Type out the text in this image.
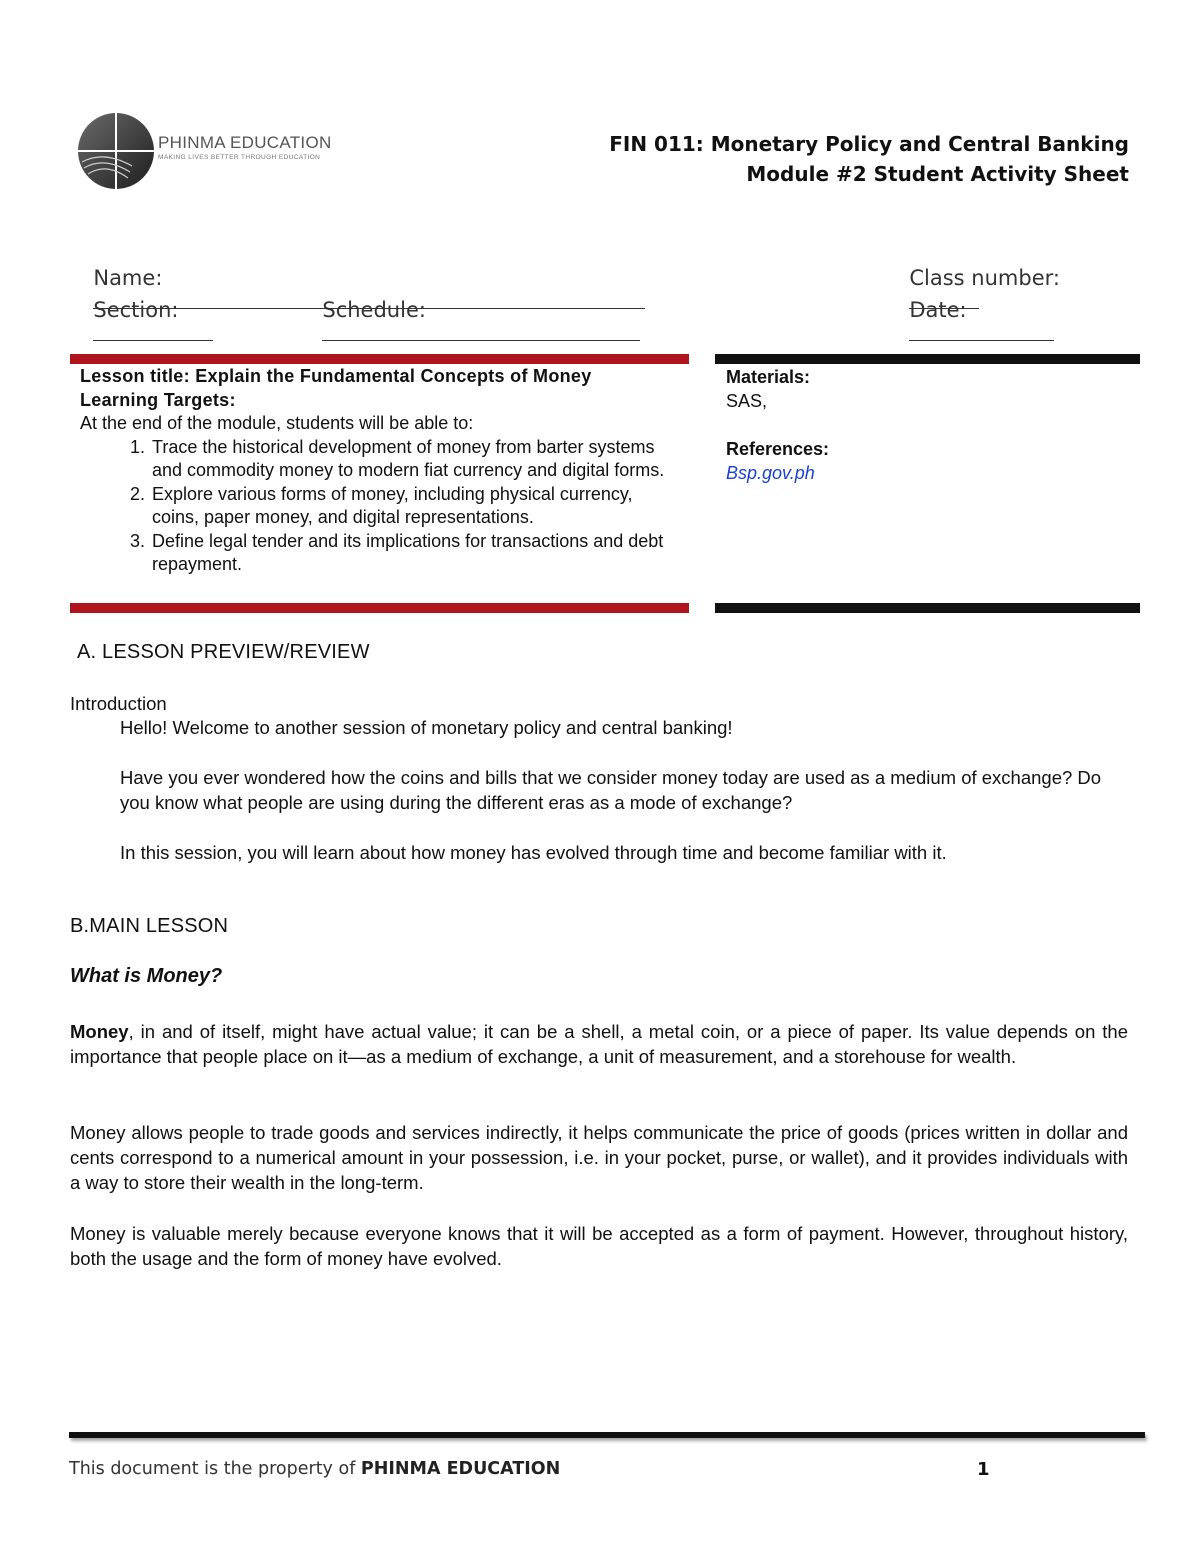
PHINMA EDUCATION
MAKING LIVES BETTER THROUGH EDUCATION
FIN 011: Monetary Policy and Central Banking
Module #2 Student Activity Sheet

Name:
	Class number:

Section:
	Schedule:
	Date:

Lesson title: Explain the Fundamental Concepts of Money
Learning Targets:
At the end of the module, students will be able to:
1. Trace the historical development of money from barter systems and commodity money to modern fiat currency and digital forms.
2. Explore various forms of money, including physical currency, coins, paper money, and digital representations.
3. Define legal tender and its implications for transactions and debt repayment.
Materials:
SAS,
References:
Bsp.gov.ph
A. LESSON PREVIEW/REVIEW
Introduction
Hello! Welcome to another session of monetary policy and central banking!
Have you ever wondered how the coins and bills that we consider money today are used as a medium of exchange? Do you know what people are using during the different eras as a mode of exchange?
In this session, you will learn about how money has evolved through time and become familiar with it.
B.MAIN LESSON
What is Money?
Money, in and of itself, might have actual value; it can be a shell, a metal coin, or a piece of paper. Its value depends on the importance that people place on it—as a medium of exchange, a unit of measurement, and a storehouse for wealth.
Money allows people to trade goods and services indirectly, it helps communicate the price of goods (prices written in dollar and cents correspond to a numerical amount in your possession, i.e. in your pocket, purse, or wallet), and it provides individuals with a way to store their wealth in the long-term.
Money is valuable merely because everyone knows that it will be accepted as a form of payment. However, throughout history, both the usage and the form of money have evolved.
This document is the property of PHINMA EDUCATION	1
